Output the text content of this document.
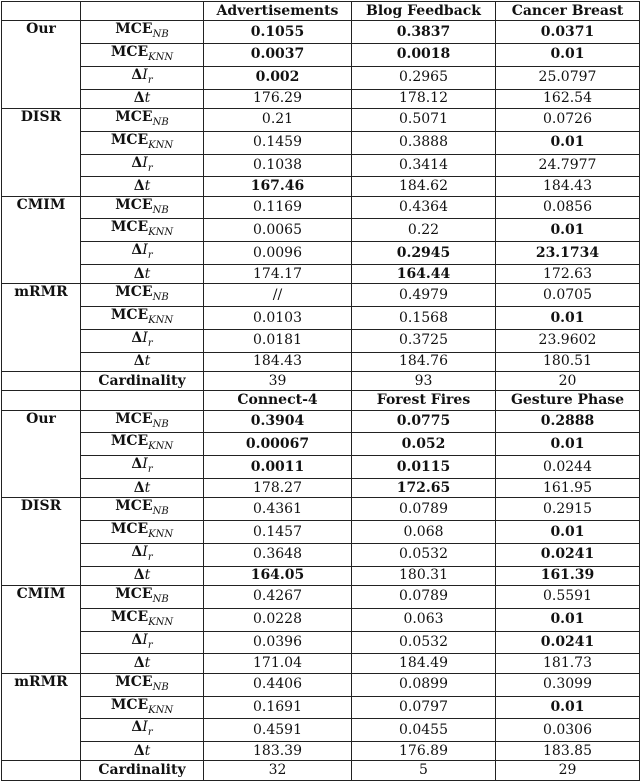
		Advertisements	Blog Feedback	Cancer Breast
Our	$MCE_{NB}$	0.1055	0.3837	0.0371
	$MCE_{KNN}$	0.0037	0.0018	0.01
	$\Delta I_r$	0.002	0.2965	25.0797
	Δt	176.29	178.12	162.54
DISR	$MCE_{NB}$	0.21	0.5071	0.0726
	$MCE_{KNN}$	0.1459	0.3888	0.01
	$\Delta I_r$	0.1038	0.3414	24.7977
	Δt	167.46	184.62	184.43
CMIM	$MCE_{NB}$	0.1169	0.4364	0.0856
	$MCE_{KNN}$	0.0065	0.22	0.01
	$\Delta I_r$	0.0096	0.2945	23.1734
	Δt	174.17	164.44	172.63
mRMR	$MCE_{NB}$	//	0.4979	0.0705
	$MCE_{KNN}$	0.0103	0.1568	0.01
	$\Delta I_r$	0.0181	0.3725	23.9602
	Δt	184.43	184.76	180.51
	Cardinality	39	93	20
		Connect-4	Forest Fires	Gesture Phase
Our	$MCE_{NB}$	0.3904	0.0775	0.2888
	$MCE_{KNN}$	0.00067	0.052	0.01
	$\Delta I_r$	0.0011	0.0115	0.0244
	Δt	178.27	172.65	161.95
DISR	$MCE_{NB}$	0.4361	0.0789	0.2915
	$MCE_{KNN}$	0.1457	0.068	0.01
	$\Delta I_r$	0.3648	0.0532	0.0241
	Δt	164.05	180.31	161.39
CMIM	$MCE_{NB}$	0.4267	0.0789	0.5591
	$MCE_{KNN}$	0.0228	0.063	0.01
	$\Delta I_r$	0.0396	0.0532	0.0241
	Δt	171.04	184.49	181.73
mRMR	$MCE_{NB}$	0.4406	0.0899	0.3099
	$MCE_{KNN}$	0.1691	0.0797	0.01
	$\Delta I_r$	0.4591	0.0455	0.0306
	Δt	183.39	176.89	183.85
	Cardinality	32	5	29
